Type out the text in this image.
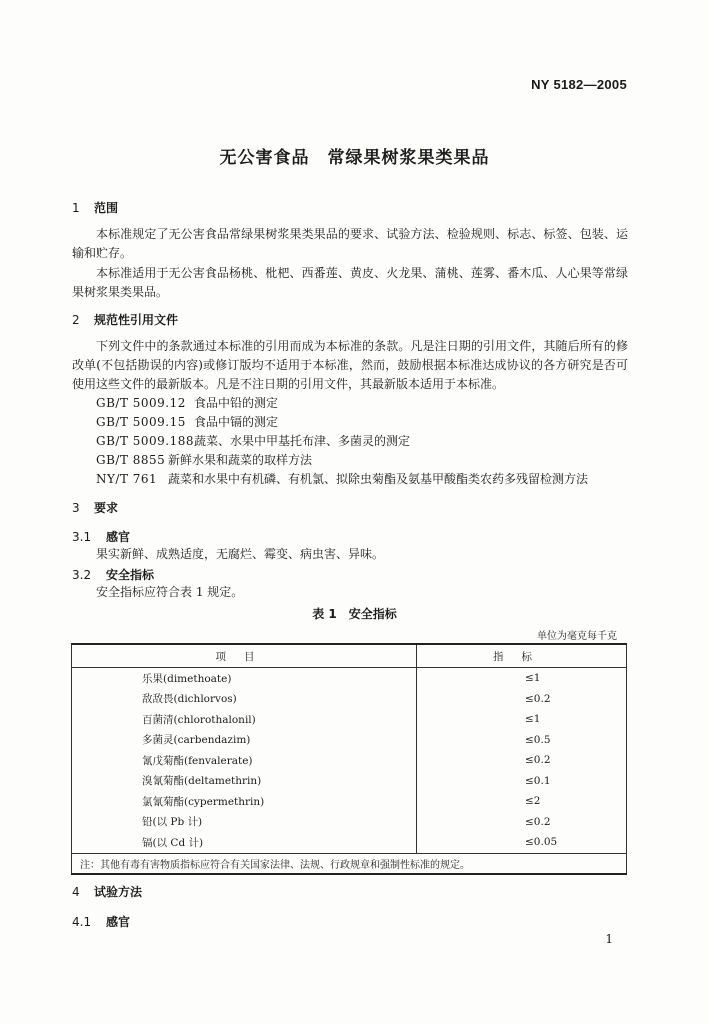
NY 5182—2005
无公害食品　常绿果树浆果类果品
1 范围
本标准规定了无公害食品常绿果树浆果类果品的要求、试验方法、检验规则、标志、标签、包装、运输和贮存。
本标准适用于无公害食品杨桃、枇杷、西番莲、黄皮、火龙果、蒲桃、莲雾、番木瓜、人心果等常绿果树浆果类果品。
2 规范性引用文件
下列文件中的条款通过本标准的引用而成为本标准的条款。凡是注日期的引用文件，其随后所有的修改单(不包括勘误的内容)或修订版均不适用于本标准，然而，鼓励根据本标准达成协议的各方研究是否可使用这些文件的最新版本。凡是不注日期的引用文件，其最新版本适用于本标准。
GB/T 5009.12 食品中铅的测定
GB/T 5009.15 食品中镉的测定
GB/T 5009.188蔬菜、水果中甲基托布津、多菌灵的测定
GB/T 8855 新鲜水果和蔬菜的取样方法
NY/T 761 蔬菜和水果中有机磷、有机氯、拟除虫菊酯及氨基甲酸酯类农药多残留检测方法
3 要求
3.1 感官
果实新鲜、成熟适度，无腐烂、霉变、病虫害、异味。
3.2 安全指标
安全指标应符合表 1 规定。
表 1　安全指标
单位为毫克每千克
项目	指标
乐果(dimethoate)	≤1
敌敌畏(dichlorvos)	≤0.2
百菌清(chlorothalonil)	≤1
多菌灵(carbendazim)	≤0.5
氰戊菊酯(fenvalerate)	≤0.2
溴氰菊酯(deltamethrin)	≤0.1
氯氰菊酯(cypermethrin)	≤2
铅(以 Pb 计)	≤0.2
镉(以 Cd 计)	≤0.05
注：其他有毒有害物质指标应符合有关国家法律、法规、行政规章和强制性标准的规定。	
4 试验方法
4.1 感官
1
